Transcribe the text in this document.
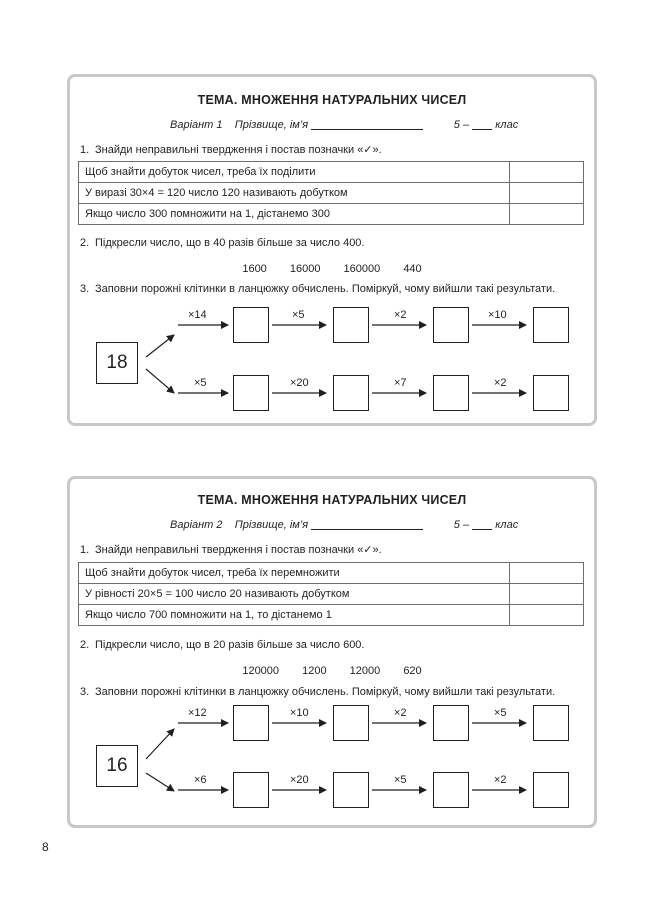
ТЕМА. МНОЖЕННЯ НАТУРАЛЬНИХ ЧИСЕЛ
Варіант 1 Прізвище, ім’я	5 – клас
1. Знайди неправильні твердження і постав позначки «✓».
Щоб знайти добуток чисел, треба їх поділити	
У виразі 30×4 = 120 число 120 називають добутком	
Якщо число 300 помножити на 1, дістанемо 300	
2. Підкресли число, що в 40 разів більше за число 400.
1600 16000 160000 440
3. Заповни порожні клітинки в ланцюжку обчислень. Поміркуй, чому вийшли такі результати.
18
×14	×5	×2	×10
×5	×20	×7	×2
ТЕМА. МНОЖЕННЯ НАТУРАЛЬНИХ ЧИСЕЛ
Варіант 2 Прізвище, ім’я	5 – клас
1. Знайди неправильні твердження і постав позначки «✓».
Щоб знайти добуток чисел, треба їх перемножити	
У рівності 20×5 = 100 число 20 називають добутком	
Якщо число 700 помножити на 1, то дістанемо 1	
2. Підкресли число, що в 20 разів більше за число 600.
120000 1200 12000 620
3. Заповни порожні клітинки в ланцюжку обчислень. Поміркуй, чому вийшли такі результати.
16
×12	×10	×2	×5
×6	×20	×5	×2
8
